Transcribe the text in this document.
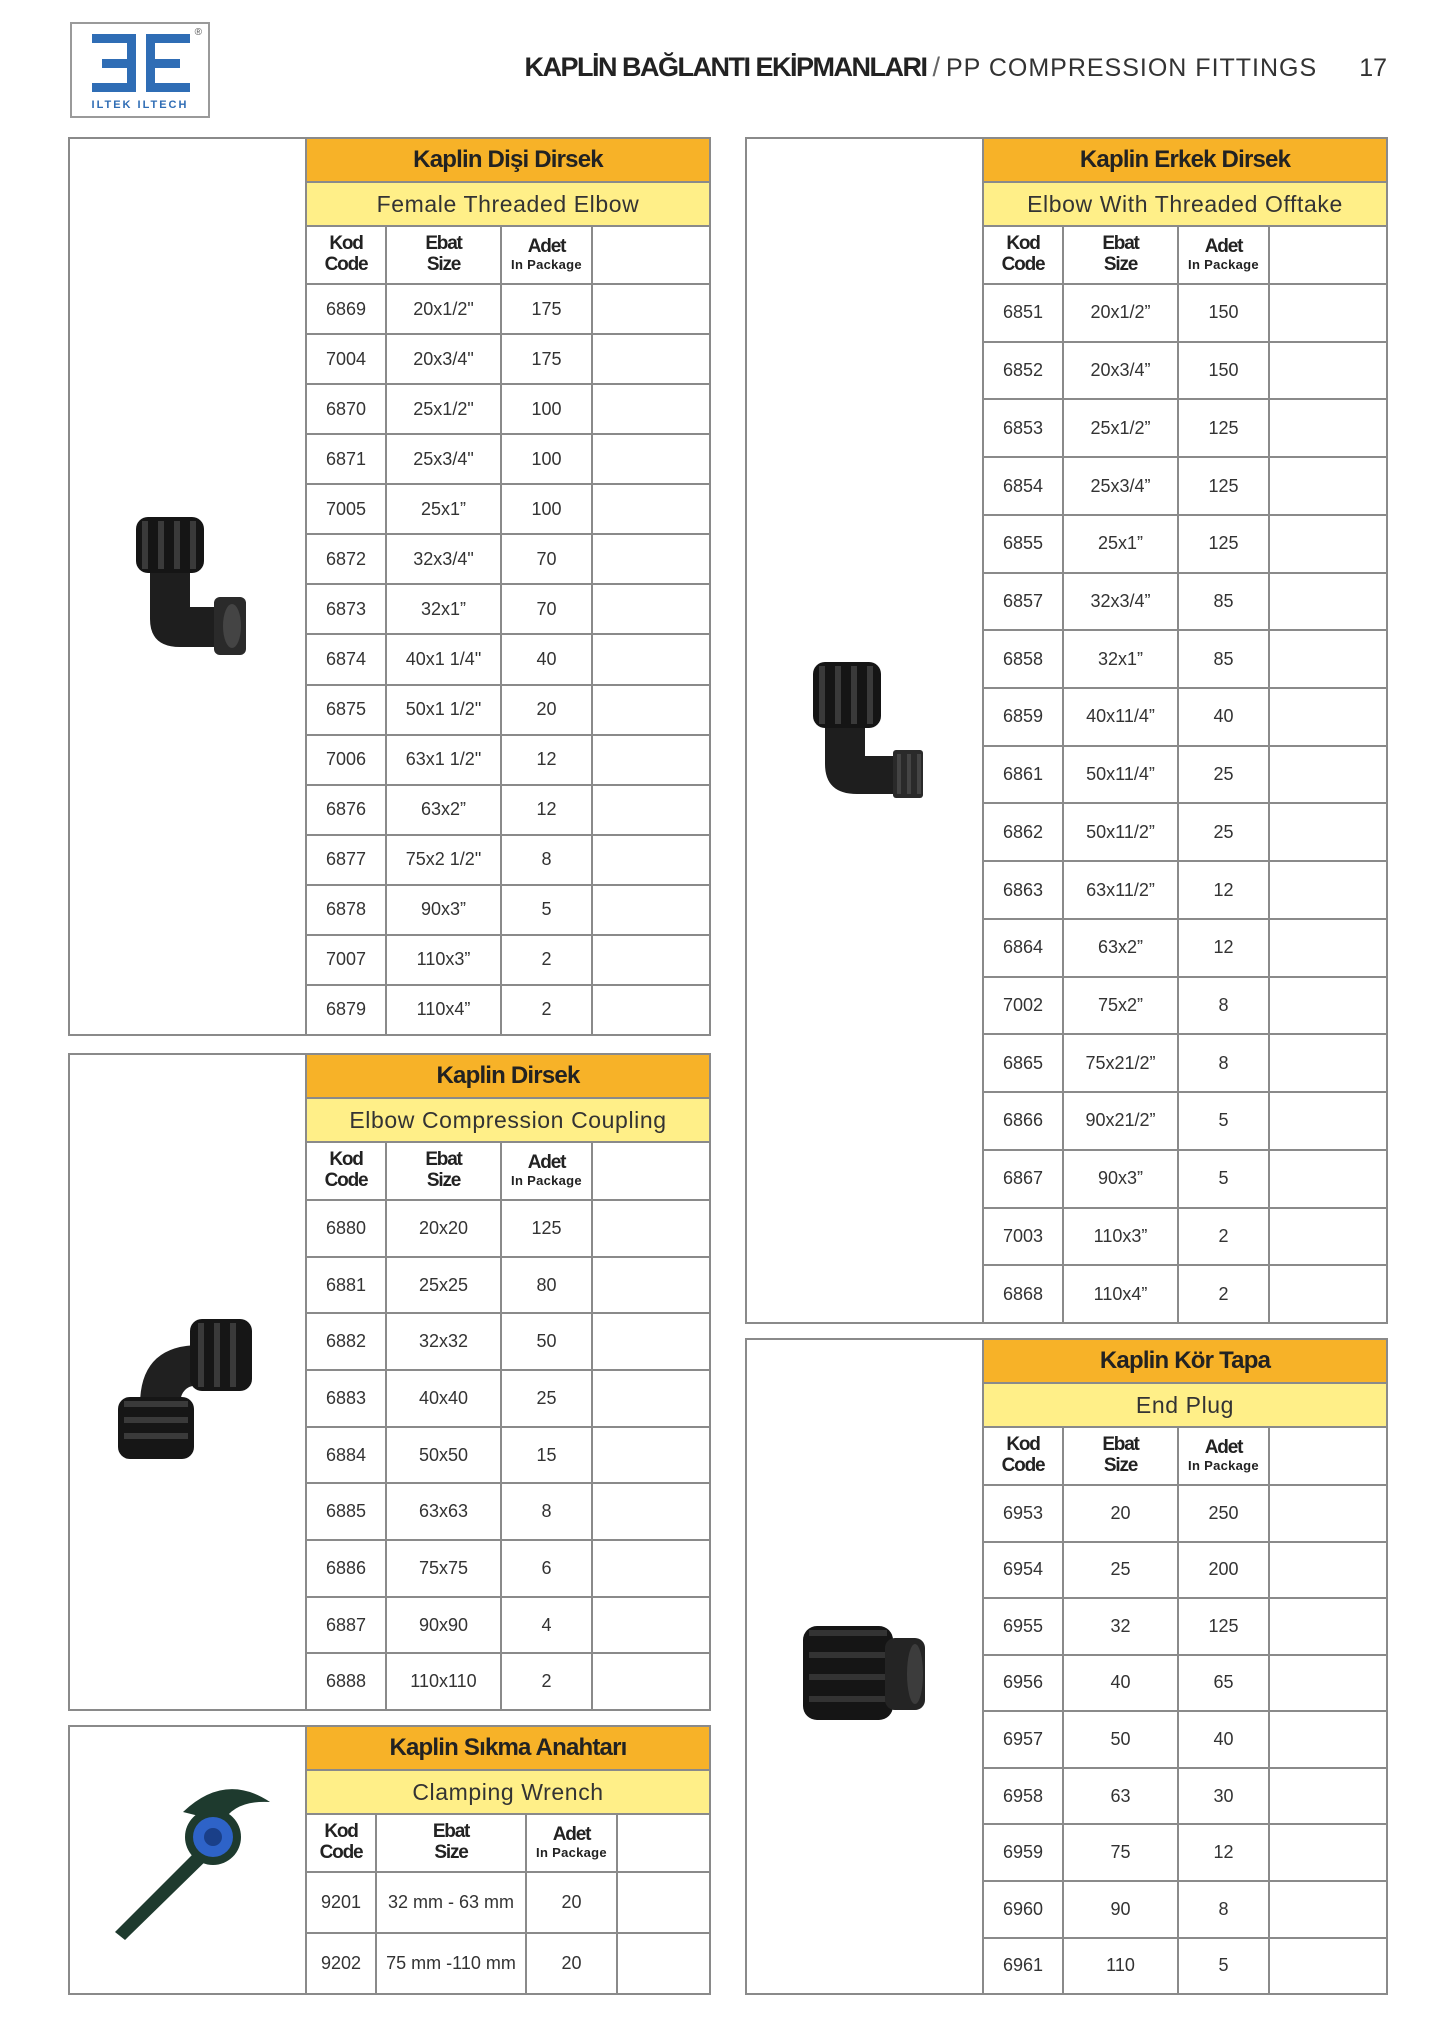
®
ILTEK ILTECH
KAPLİN BAĞLANTI EKİPMANLARI / PP COMPRESSION FITTINGS 17
Kaplin Dişi Dirsek
Female Threaded Elbow
Kod
Code
Ebat
Size
Adet
In Package
6869	20x1/2"	175
7004	20x3/4"	175
6870	25x1/2"	100
6871	25x3/4"	100
7005	25x1”	100
6872	32x3/4"	70
6873	32x1”	70
6874	40x1 1/4"	40
6875	50x1 1/2"	20
7006	63x1 1/2"	12
6876	63x2”	12
6877	75x2 1/2"	8
6878	90x3”	5
7007	110x3”	2
6879	110x4”	2
Kaplin Dirsek
Elbow Compression Coupling
Kod
Code
Ebat
Size
Adet
In Package
6880	20x20	125
6881	25x25	80
6882	32x32	50
6883	40x40	25
6884	50x50	15
6885	63x63	8
6886	75x75	6
6887	90x90	4
6888	110x110	2
Kaplin Sıkma Anahtarı
Clamping Wrench
Kod
Code
Ebat
Size
Adet
In Package
9201	32 mm - 63 mm	20
9202	75 mm -110 mm	20
Kaplin Erkek Dirsek
Elbow With Threaded Offtake
Kod
Code
Ebat
Size
Adet
In Package
6851	20x1/2”	150
6852	20x3/4”	150
6853	25x1/2”	125
6854	25x3/4”	125
6855	25x1”	125
6857	32x3/4”	85
6858	32x1”	85
6859	40x11/4”	40
6861	50x11/4”	25
6862	50x11/2”	25
6863	63x11/2”	12
6864	63x2”	12
7002	75x2”	8
6865	75x21/2”	8
6866	90x21/2”	5
6867	90x3”	5
7003	110x3”	2
6868	110x4”	2
Kaplin Kör Tapa
End Plug
Kod
Code
Ebat
Size
Adet
In Package
6953	20	250
6954	25	200
6955	32	125
6956	40	65
6957	50	40
6958	63	30
6959	75	12
6960	90	8
6961	110	5
